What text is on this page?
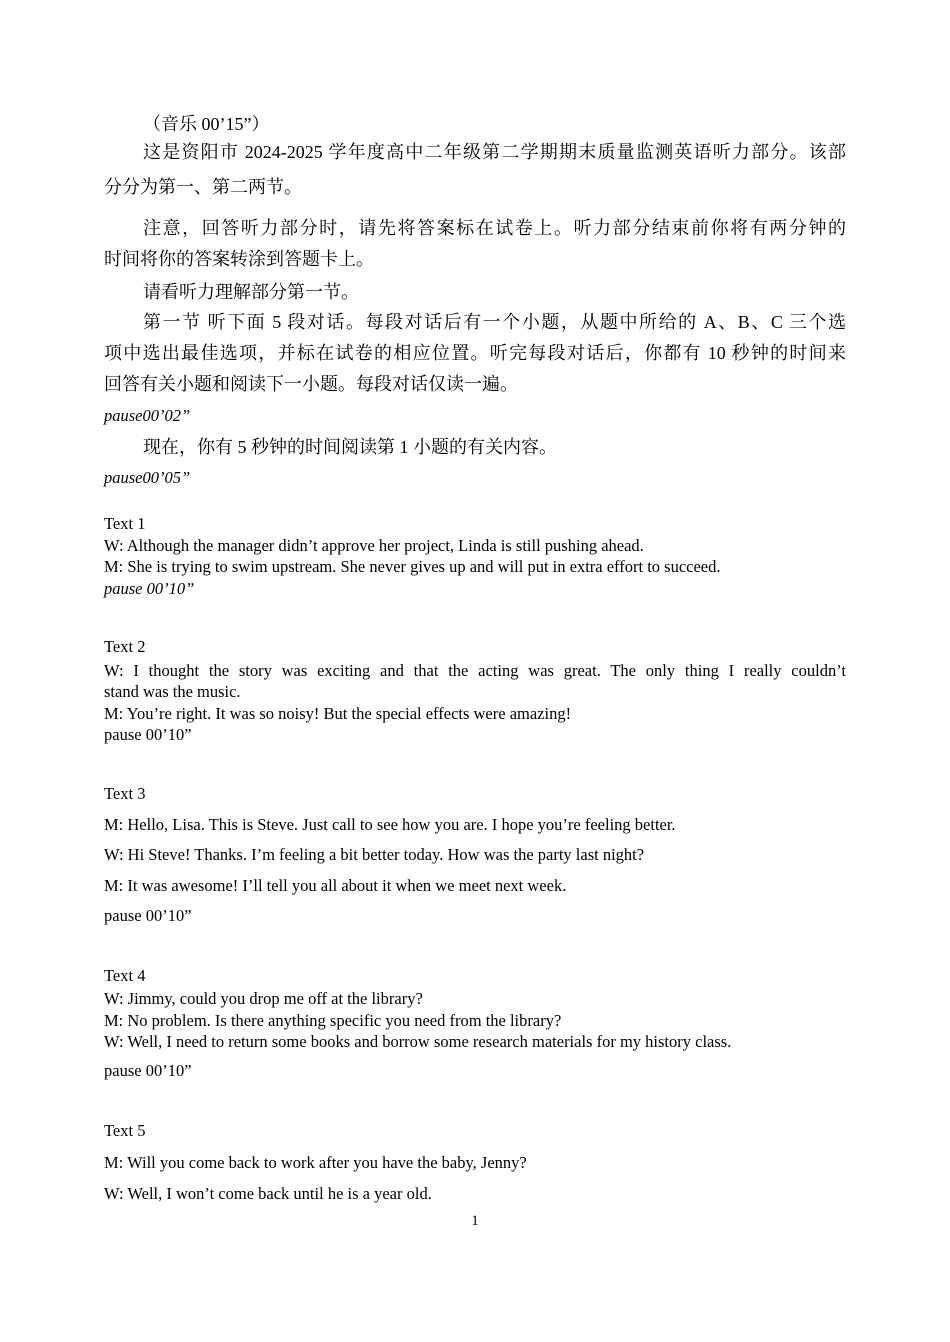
（音乐 00’15”）

这是资阳市 2024-2025 学年度高中二年级第二学期期末质量监测英语听力部分。该部

分分为第一、第二两节。

注意，回答听力部分时，请先将答案标在试卷上。听力部分结束前你将有两分钟的

时间将你的答案转涂到答题卡上。

请看听力理解部分第一节。

第一节 听下面 5 段对话。每段对话后有一个小题，从题中所给的 A、B、C 三个选

项中选出最佳选项，并标在试卷的相应位置。听完每段对话后，你都有 10 秒钟的时间来

回答有关小题和阅读下一小题。每段对话仅读一遍。

pause00’02”

现在，你有 5 秒钟的时间阅读第 1 小题的有关内容。

pause00’05”

Text 1

W: Although the manager didn’t approve her project, Linda is still pushing ahead.

M: She is trying to swim upstream. She never gives up and will put in extra effort to succeed.

pause 00’10”

Text 2

W: I thought the story was exciting and that the acting was great. The only thing I really couldn’t

stand was the music.

M: You’re right. It was so noisy! But the special effects were amazing!

pause 00’10”

Text 3

M: Hello, Lisa. This is Steve. Just call to see how you are. I hope you’re feeling better.

W: Hi Steve! Thanks. I’m feeling a bit better today. How was the party last night?

M: It was awesome! I’ll tell you all about it when we meet next week.

pause 00’10”

Text 4

W: Jimmy, could you drop me off at the library?

M: No problem. Is there anything specific you need from the library?

W: Well, I need to return some books and borrow some research materials for my history class.

pause 00’10”

Text 5

M: Will you come back to work after you have the baby, Jenny?

W: Well, I won’t come back until he is a year old.

1
